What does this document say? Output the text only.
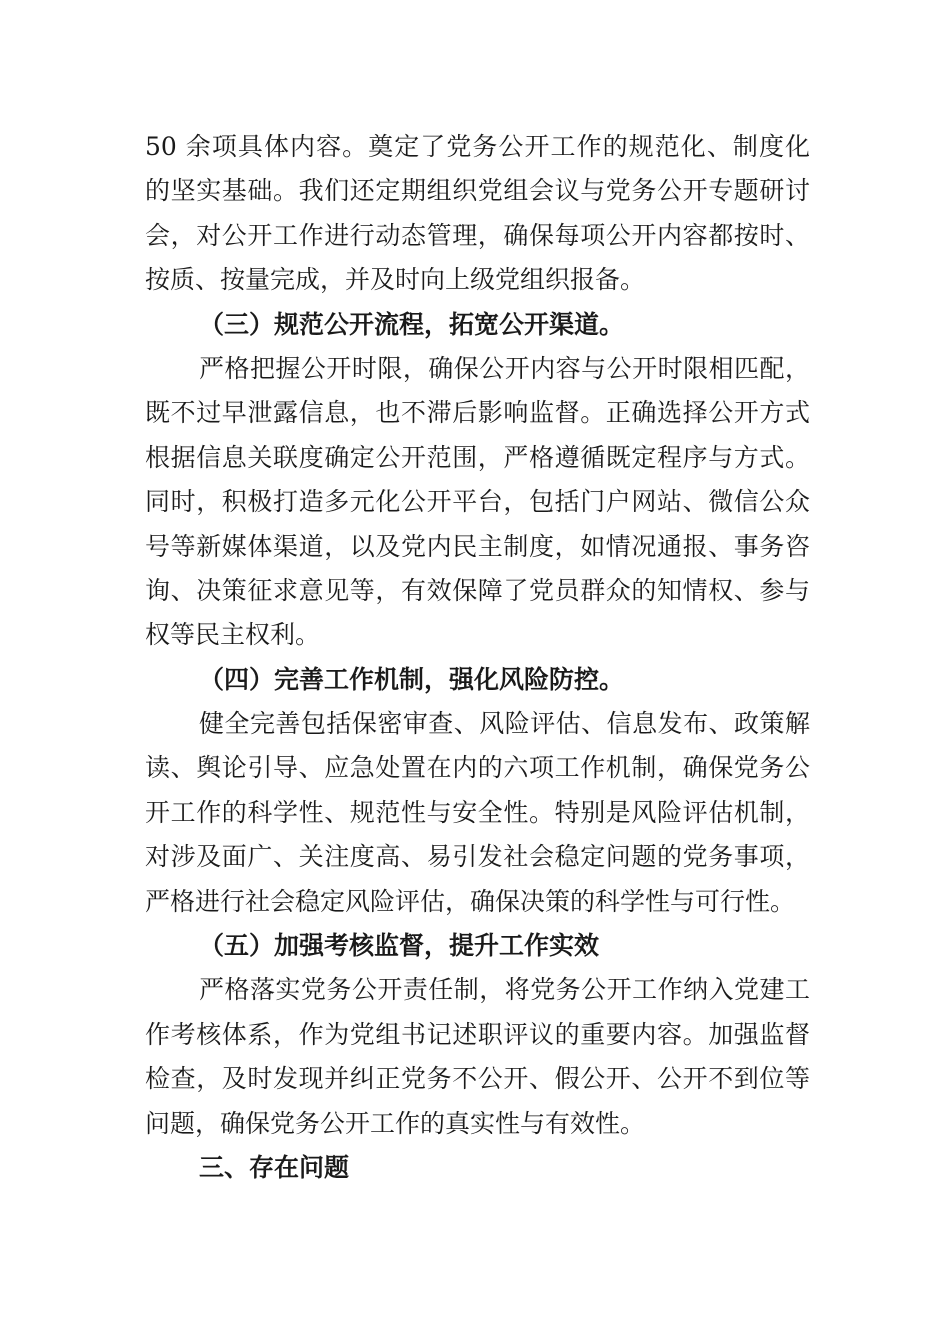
50 余项具体内容。奠定了党务公开工作的规范化、制度化
的坚实基础。我们还定期组织党组会议与党务公开专题研讨
会，对公开工作进行动态管理，确保每项公开内容都按时、
按质、按量完成，并及时向上级党组织报备。
（三）规范公开流程，拓宽公开渠道。
严格把握公开时限，确保公开内容与公开时限相匹配，
既不过早泄露信息，也不滞后影响监督。正确选择公开方式
根据信息关联度确定公开范围，严格遵循既定程序与方式。
同时，积极打造多元化公开平台，包括门户网站、微信公众
号等新媒体渠道，以及党内民主制度，如情况通报、事务咨
询、决策征求意见等，有效保障了党员群众的知情权、参与
权等民主权利。
（四）完善工作机制，强化风险防控。
健全完善包括保密审查、风险评估、信息发布、政策解
读、舆论引导、应急处置在内的六项工作机制，确保党务公
开工作的科学性、规范性与安全性。特别是风险评估机制，
对涉及面广、关注度高、易引发社会稳定问题的党务事项，
严格进行社会稳定风险评估，确保决策的科学性与可行性。
（五）加强考核监督，提升工作实效
严格落实党务公开责任制，将党务公开工作纳入党建工
作考核体系，作为党组书记述职评议的重要内容。加强监督
检查，及时发现并纠正党务不公开、假公开、公开不到位等
问题，确保党务公开工作的真实性与有效性。
三、存在问题
